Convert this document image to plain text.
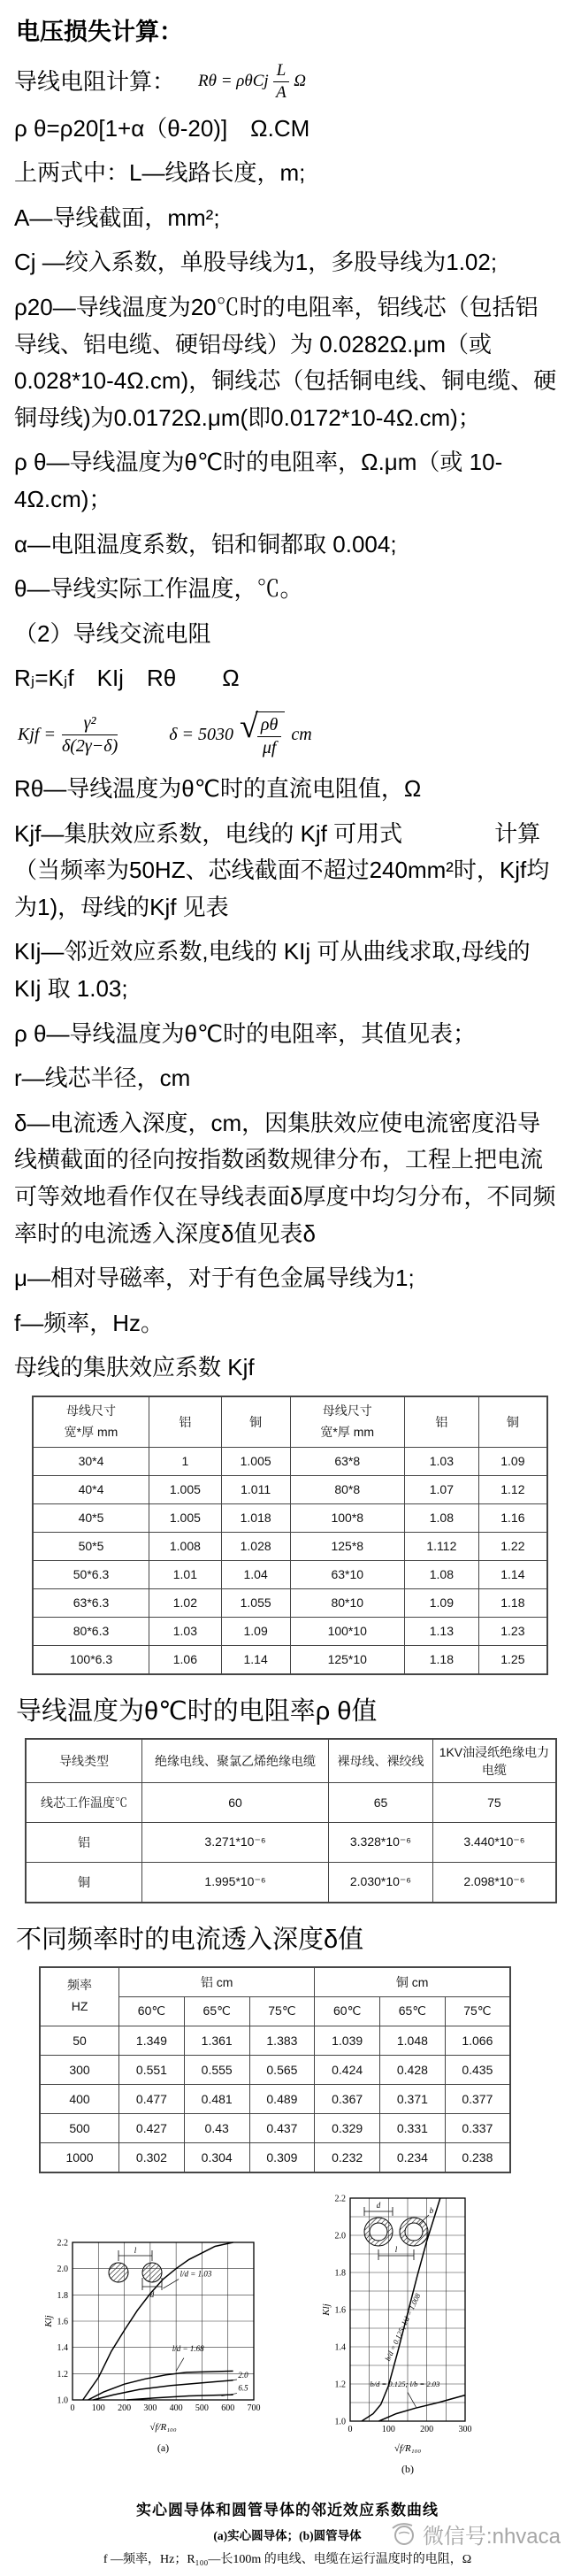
电压损失计算：
导线电阻计算： Rθ = ρθCj $\frac{L}{A}$ Ω

ρ θ=ρ20[1+α（θ-20)]　Ω.CM

上两式中：L—线路长度，m;

A—导线截面，mm²;

Cj —绞入系数，单股导线为1，多股导线为1.02;

ρ20—导线温度为20℃时的电阻率，铝线芯（包括铝导线、铝电缆、硬铝母线）为 0.0282Ω.μm（或0.028*10-4Ω.cm)，铜线芯（包括铜电线、铜电缆、硬铜母线)为0.0172Ω.μm(即0.0172*10-4Ω.cm)；

ρ θ—导线温度为θ℃时的电阻率，Ω.μm（或 10-4Ω.cm)；

α—电阻温度系数，铝和铜都取 0.004;

θ—导线实际工作温度，℃。

（2）导线交流电阻

Rⱼ=Kⱼf　KIj　Rθ　　Ω

Kjf = $\frac{\text{γ²}}{\delta(2\gamma-\delta)}$	δ = 5030 √ $\frac{\rho\theta}{\mu f}$ cm

Rθ—导线温度为θ℃时的直流电阻值，Ω

Kjf—集肤效应系数，电线的 Kjf 可用式　　　　计算（当频率为50HZ、芯线截面不超过240mm²时，Kjf均为1)，母线的Kjf 见表

KIj—邻近效应系数,电线的 KIj 可从曲线求取,母线的 KIj 取 1.03;

ρ θ—导线温度为θ℃时的电阻率，其值见表；

r—线芯半径，cm

δ—电流透入深度，cm，因集肤效应使电流密度沿导线横截面的径向按指数函数规律分布，工程上把电流可等效地看作仅在导线表面δ厚度中均匀分布，不同频率时的电流透入深度δ值见表δ

μ—相对导磁率，对于有色金属导线为1;

f—频率，Hz。

母线的集肤效应系数 Kjf

母线尺寸
宽*厚 mm	铝	铜	母线尺寸
宽*厚 mm	铝	铜
30*4	1	1.005	63*8	1.03	1.09
40*4	1.005	1.011	80*8	1.07	1.12
40*5	1.005	1.018	100*8	1.08	1.16
50*5	1.008	1.028	125*8	1.112	1.22
50*6.3	1.01	1.04	63*10	1.08	1.14
63*6.3	1.02	1.055	80*10	1.09	1.18
80*6.3	1.03	1.09	100*10	1.13	1.23
100*6.3	1.06	1.14	125*10	1.18	1.25
导线温度为θ℃时的电阻率ρ θ值
导线类型	绝缘电线、聚氯乙烯绝缘电缆	裸母线、裸绞线	1KV油浸纸绝缘电力电缆
线芯工作温度℃	60	65	75
铝	3.271*10⁻⁶	3.328*10⁻⁶	3.440*10⁻⁶
铜	1.995*10⁻⁶	2.030*10⁻⁶	2.098*10⁻⁶
不同频率时的电流透入深度δ值
频率
HZ	铝 cm			铜 cm		
	60℃	65℃	75℃	60℃	65℃	75℃
50	1.349	1.361	1.383	1.039	1.048	1.066
300	0.551	0.555	0.565	0.424	0.428	0.435
400	0.477	0.481	0.489	0.367	0.371	0.377
500	0.427	0.43	0.437	0.329	0.331	0.337
1000	0.302	0.304	0.309	0.232	0.234	0.238
l
d
0 100 200 300 400 500 600 700
1.0
1.2
1.4
1.6
1.8
2.0
2.2
l/d = 1.03
l/d = 1.68
2.0
6.5
Klj
√f/R₁₀₀
(a)
d
b
l
0	100	200	300
1.0
1.2
1.4
1.6
1.8
2.0
2.2
b/d = 0.125; l/d = 1.008
b/d = 0.125; l/b = 2.03
Klj
√f/R₁₀₀
(b)
实心圆导体和圆管导体的邻近效应系数曲线
(a)实心圆导体；(b)圆管导体
f —频率，Hz；R₁₀₀—长100m 的电线、电缆在运行温度时的电阻，Ω
微信号:nhvaca
